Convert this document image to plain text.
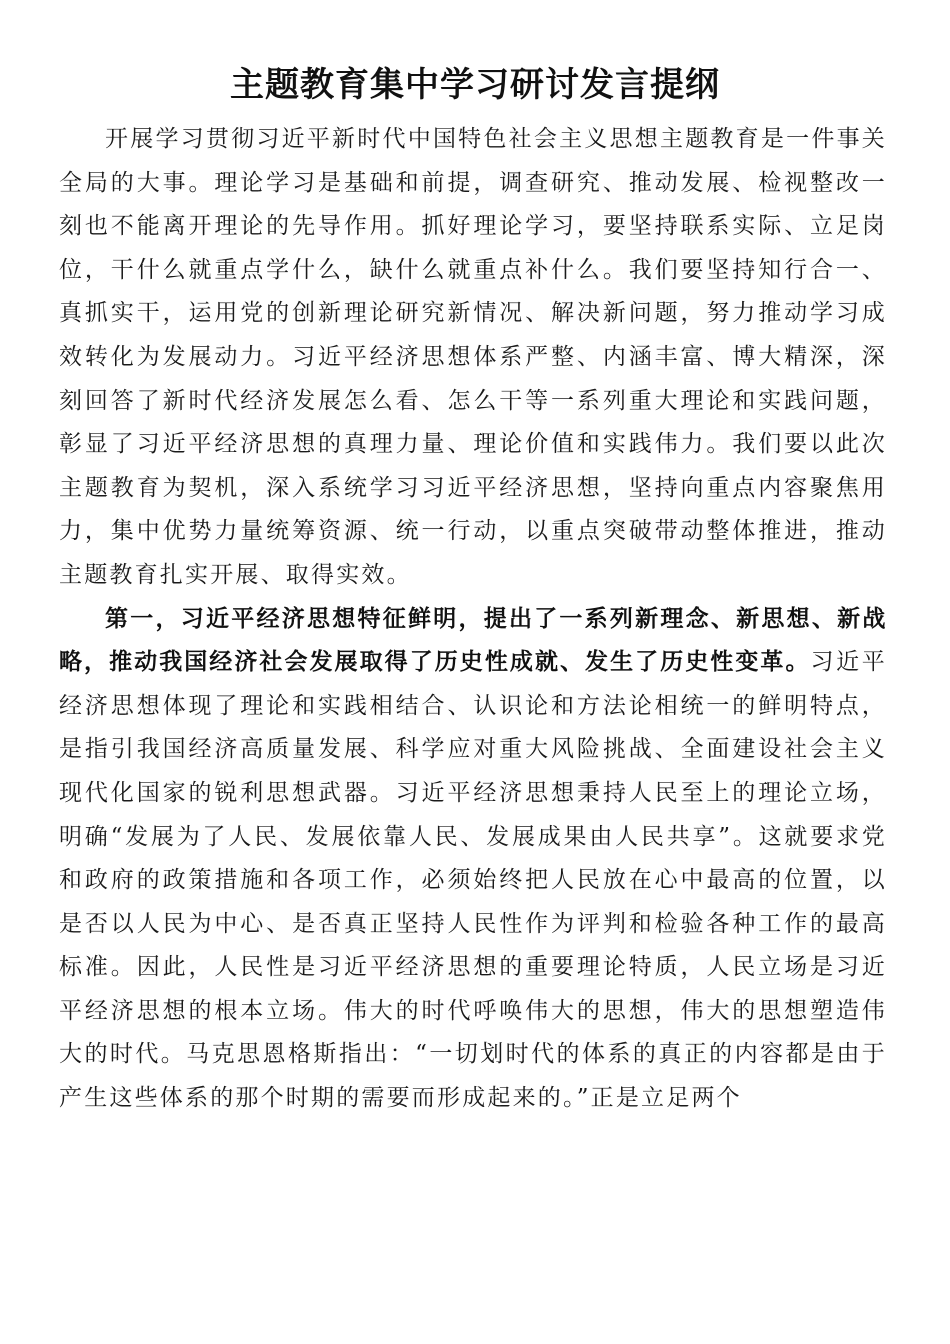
主题教育集中学习研讨发言提纲

开展学习贯彻习近平新时代中国特色社会主义思想主题教育是一件事关全局的大事。理论学习是基础和前提，调查研究、推动发展、检视整改一刻也不能离开理论的先导作用。抓好理论学习，要坚持联系实际、立足岗位，干什么就重点学什么，缺什么就重点补什么。我们要坚持知行合一、真抓实干，运用党的创新理论研究新情况、解决新问题，努力推动学习成效转化为发展动力。习近平经济思想体系严整、内涵丰富、博大精深，深刻回答了新时代经济发展怎么看、怎么干等一系列重大理论和实践问题，彰显了习近平经济思想的真理力量、理论价值和实践伟力。我们要以此次主题教育为契机，深入系统学习习近平经济思想，坚持向重点内容聚焦用力，集中优势力量统筹资源、统一行动，以重点突破带动整体推进，推动主题教育扎实开展、取得实效。

第一，习近平经济思想特征鲜明，提出了一系列新理念、新思想、新战略，推动我国经济社会发展取得了历史性成就、发生了历史性变革。习近平经济思想体现了理论和实践相结合、认识论和方法论相统一的鲜明特点，是指引我国经济高质量发展、科学应对重大风险挑战、全面建设社会主义现代化国家的锐利思想武器。习近平经济思想秉持人民至上的理论立场，明确“发展为了人民、发展依靠人民、发展成果由人民共享”。这就要求党和政府的政策措施和各项工作，必须始终把人民放在心中最高的位置，以是否以人民为中心、是否真正坚持人民性作为评判和检验各种工作的最高标准。因此，人民性是习近平经济思想的重要理论特质，人民立场是习近平经济思想的根本立场。伟大的时代呼唤伟大的思想，伟大的思想塑造伟大的时代。马克思恩格斯指出：“一切划时代的体系的真正的内容都是由于产生这些体系的那个时期的需要而形成起来的。”正是立足两个
